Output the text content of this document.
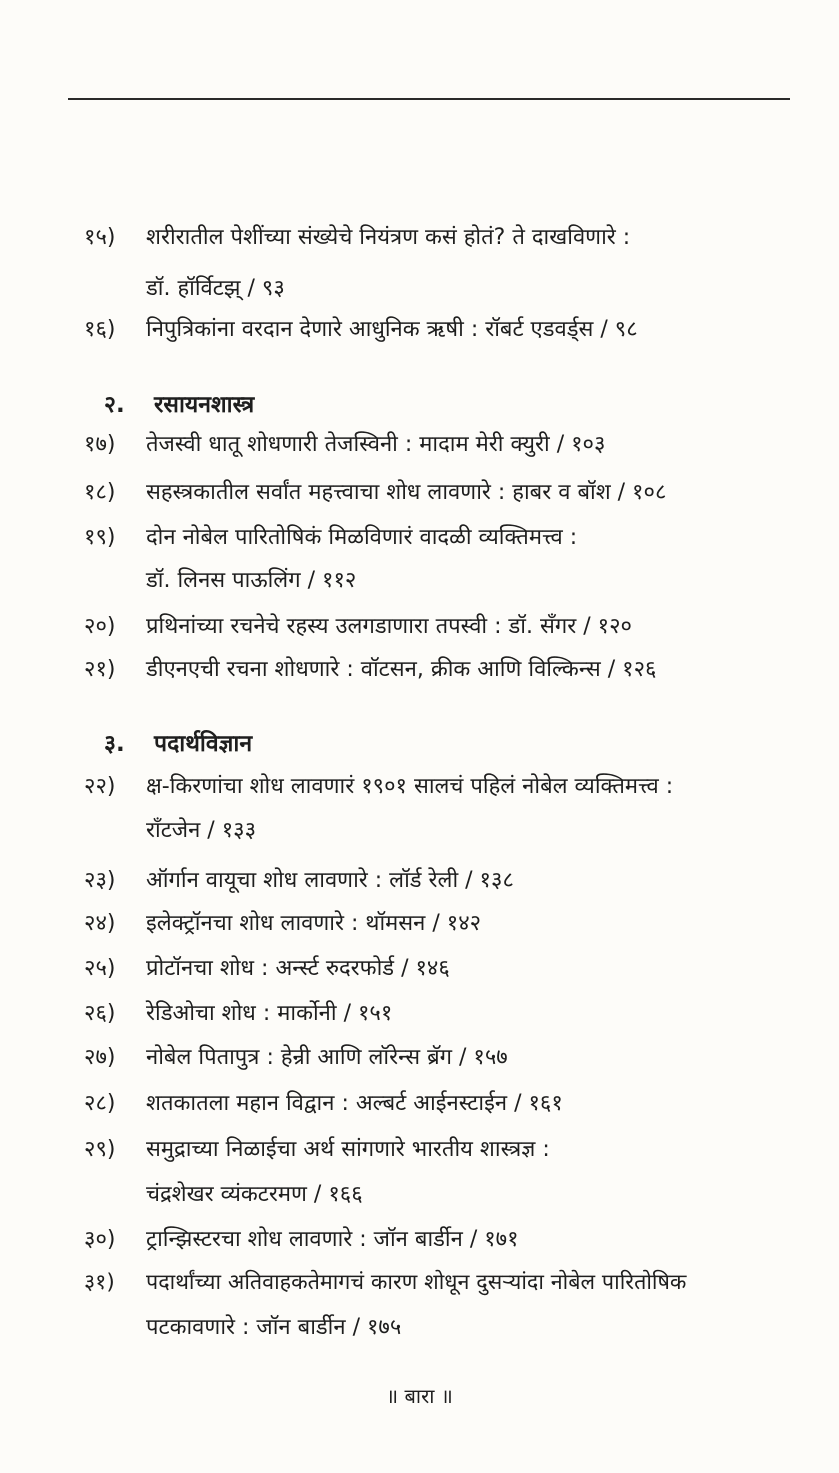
१५) शरीरातील पेशींच्या संख्येचे नियंत्रण कसं होतं? ते दाखविणारे :
डॉ. हॉर्विटझ् / ९३
१६) निपुत्रिकांना वरदान देणारे आधुनिक ऋषी : रॉबर्ट एडवर्ड्स / ९८
२. रसायनशास्त्र
१७) तेजस्वी धातू शोधणारी तेजस्विनी : मादाम मेरी क्युरी / १०३
१८) सहस्त्रकातील सर्वांत महत्त्वाचा शोध लावणारे : हाबर व बॉश / १०८
१९) दोन नोबेल पारितोषिकं मिळविणारं वादळी व्यक्तिमत्त्व :
डॉ. लिनस पाऊलिंग / ११२
२०) प्रथिनांच्या रचनेचे रहस्य उलगडाणारा तपस्वी : डॉ. सँगर / १२०
२१) डीएनएची रचना शोधणारे : वॉटसन, क्रीक आणि विल्किन्स / १२६
३. पदार्थविज्ञान
२२) क्ष-किरणांचा शोध लावणारं १९०१ सालचं पहिलं नोबेल व्यक्तिमत्त्व :
रॉंटजेन / १३३
२३) ऑर्गान वायूचा शोध लावणारे : लॉर्ड रेली / १३८
२४) इलेक्ट्रॉनचा शोध लावणारे : थॉमसन / १४२
२५) प्रोटॉनचा शोध : अर्न्स्ट रुदरफोर्ड / १४६
२६) रेडिओचा शोध : मार्कोनी / १५१
२७) नोबेल पितापुत्र : हेन्री आणि लॉरेन्स ब्रॅग / १५७
२८) शतकातला महान विद्वान : अल्बर्ट आईनस्टाईन / १६१
२९) समुद्राच्या निळाईचा अर्थ सांगणारे भारतीय शास्त्रज्ञ :
चंद्रशेखर व्यंकटरमण / १६६
३०) ट्रान्झिस्टरचा शोध लावणारे : जॉन बार्डीन / १७१
३१) पदार्थांच्या अतिवाहकतेमागचं कारण शोधून दुसऱ्यांदा नोबेल पारितोषिक
पटकावणारे : जॉन बार्डीन / १७५
॥ बारा ॥
